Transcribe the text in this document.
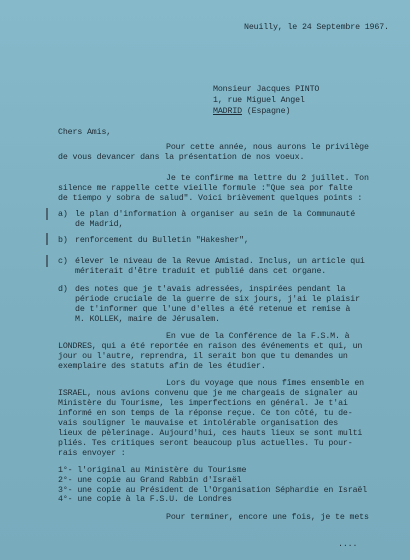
Neuilly, le 24 Septembre 1967.
Monsieur Jacques PINTO
1, rue Miguel Angel
MADRID (Espagne)
Chers Amis,
Pour cette année, nous aurons le privilège
de vous devancer dans la présentation de nos voeux.
Je te confirme ma lettre du 2 juillet. Ton
silence me rappelle cette vieille formule :"Que sea por falte
de tiempo y sobra de salud". Voici brièvement quelques points :
a) le plan d'information à organiser au sein de la Communauté
de Madrid,
b) renforcement du Bulletin "Hakesher",
c) élever le niveau de la Revue Amistad. Inclus, un article qui
mériterait d'être traduit et publié dans cet organe.
d) des notes que je t'avais adressées, inspirées pendant la
période cruciale de la guerre de six jours, j'ai le plaisir
de t'informer que l'une d'elles a été retenue et remise à
M. KOLLEK, maire de Jérusalem.
En vue de la Conférence de la F.S.M. à
LONDRES, qui a été reportée en raison des événements et qui, un
jour ou l'autre, reprendra, il serait bon que tu demandes un
exemplaire des statuts afin de les étudier.
Lors du voyage que nous fîmes ensemble en
ISRAEL, nous avions convenu que je me chargeais de signaler au
Ministère du Tourisme, les imperfections en général. Je t'ai
informé en son temps de la réponse reçue. Ce ton côté, tu de-
vais souligner le mauvaise et intolérable organisation des
lieux de pèlerinage. Aujourd'hui, ces hauts lieux se sont multi
pliés. Tes critiques seront beaucoup plus actuelles. Tu pour-
rais envoyer :
1°- l'original au Ministère du Tourisme
2°- une copie au Grand Rabbin d'Israël
3°- une copie au Président de l'Organisation Séphardie en Israël
4°- une copie à la F.S.U. de Londres
Pour terminer, encore une fois, je te mets
....
